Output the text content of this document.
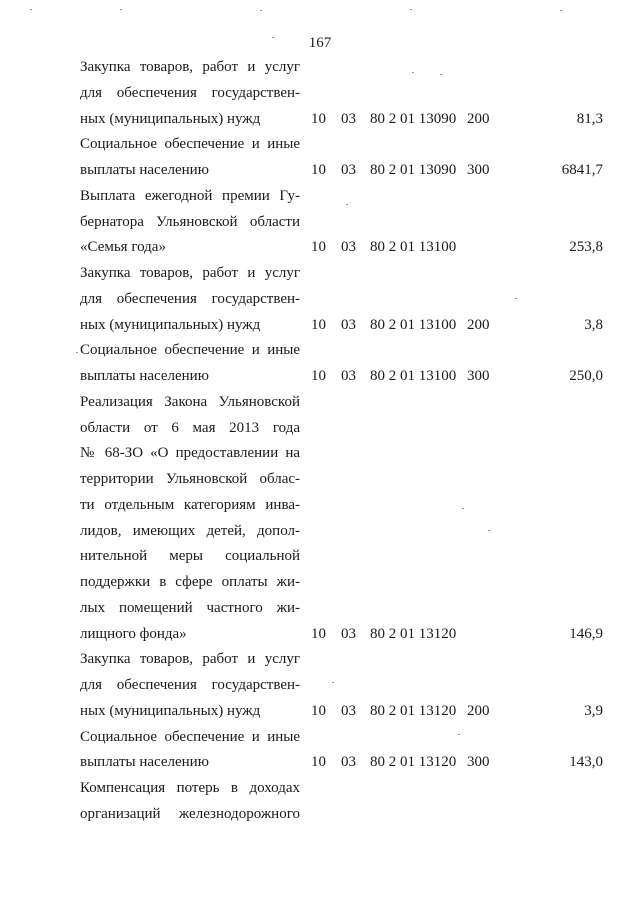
167
Закупка товаров, работ и услуг
для обеспечения государствен-
ных (муниципальных) нужд	10 03 80 2 01 13090 200	81,3
Социальное обеспечение и иные
выплаты населению	10 03 80 2 01 13090 300	6841,7
Выплата ежегодной премии Гу-
бернатора Ульяновской области
«Семья года»	10 03 80 2 01 13100	253,8
Закупка товаров, работ и услуг
для обеспечения государствен-
ных (муниципальных) нужд	10 03 80 2 01 13100 200	3,8
Социальное обеспечение и иные
выплаты населению	10 03 80 2 01 13100 300	250,0
Реализация Закона Ульяновской
области от 6 мая 2013 года
№ 68-ЗО «О предоставлении на
территории Ульяновской облас-
ти отдельным категориям инва-
лидов, имеющих детей, допол-
нительной меры социальной
поддержки в сфере оплаты жи-
лых помещений частного жи-
лищного фонда»	10 03 80 2 01 13120	146,9
Закупка товаров, работ и услуг
для обеспечения государствен-
ных (муниципальных) нужд	10 03 80 2 01 13120 200	3,9
Социальное обеспечение и иные
выплаты населению	10 03 80 2 01 13120 300	143,0
Компенсация потерь в доходах
организаций железнодорожного
